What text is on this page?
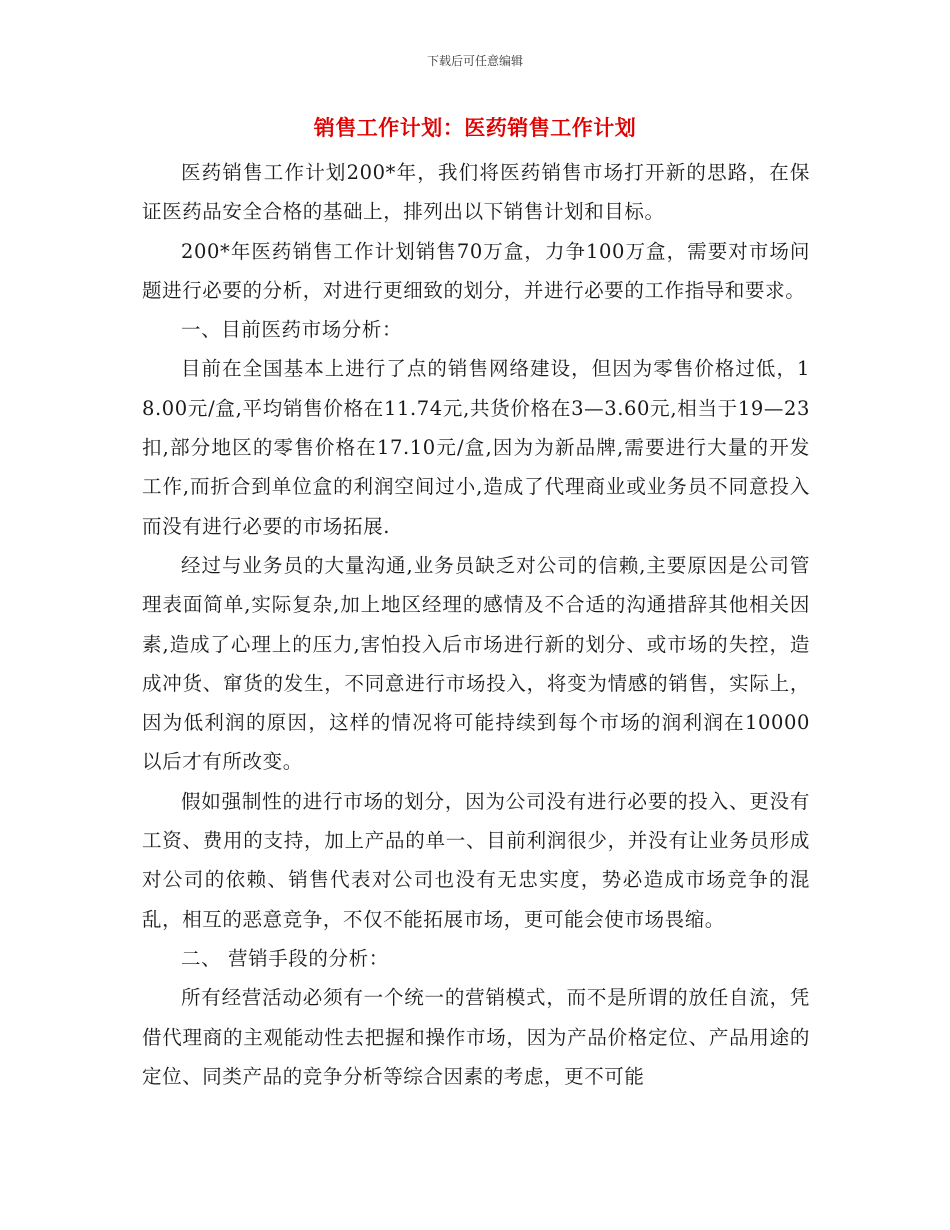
下载后可任意编辑
销售工作计划：医药销售工作计划

医药销售工作计划200*年，我们将医药销售市场打开新的思路，在保证医药品安全合格的基础上，排列出以下销售计划和目标。

200*年医药销售工作计划销售70万盒，力争100万盒，需要对市场问题进行必要的分析，对进行更细致的划分，并进行必要的工作指导和要求。

一、目前医药市场分析：

目前在全国基本上进行了点的销售网络建设，但因为零售价格过低，18.00元/盒,平均销售价格在11.74元,共货价格在3—3.60元,相当于19—23扣,部分地区的零售价格在17.10元/盒,因为为新品牌,需要进行大量的开发工作,而折合到单位盒的利润空间过小,造成了代理商业或业务员不同意投入而没有进行必要的市场拓展.

经过与业务员的大量沟通,业务员缺乏对公司的信赖,主要原因是公司管理表面简单,实际复杂,加上地区经理的感情及不合适的沟通措辞其他相关因素,造成了心理上的压力,害怕投入后市场进行新的划分、或市场的失控，造成冲货、窜货的发生，不同意进行市场投入，将变为情感的销售，实际上，因为低利润的原因，这样的情况将可能持续到每个市场的润利润在10000以后才有所改变。

假如强制性的进行市场的划分，因为公司没有进行必要的投入、更没有工资、费用的支持，加上产品的单一、目前利润很少，并没有让业务员形成对公司的依赖、销售代表对公司也没有无忠实度，势必造成市场竞争的混乱，相互的恶意竞争，不仅不能拓展市场，更可能会使市场畏缩。

二、 营销手段的分析：

所有经营活动必须有一个统一的营销模式，而不是所谓的放任自流，凭借代理商的主观能动性去把握和操作市场，因为产品价格定位、产品用途的定位、同类产品的竞争分析等综合因素的考虑，更不可能
